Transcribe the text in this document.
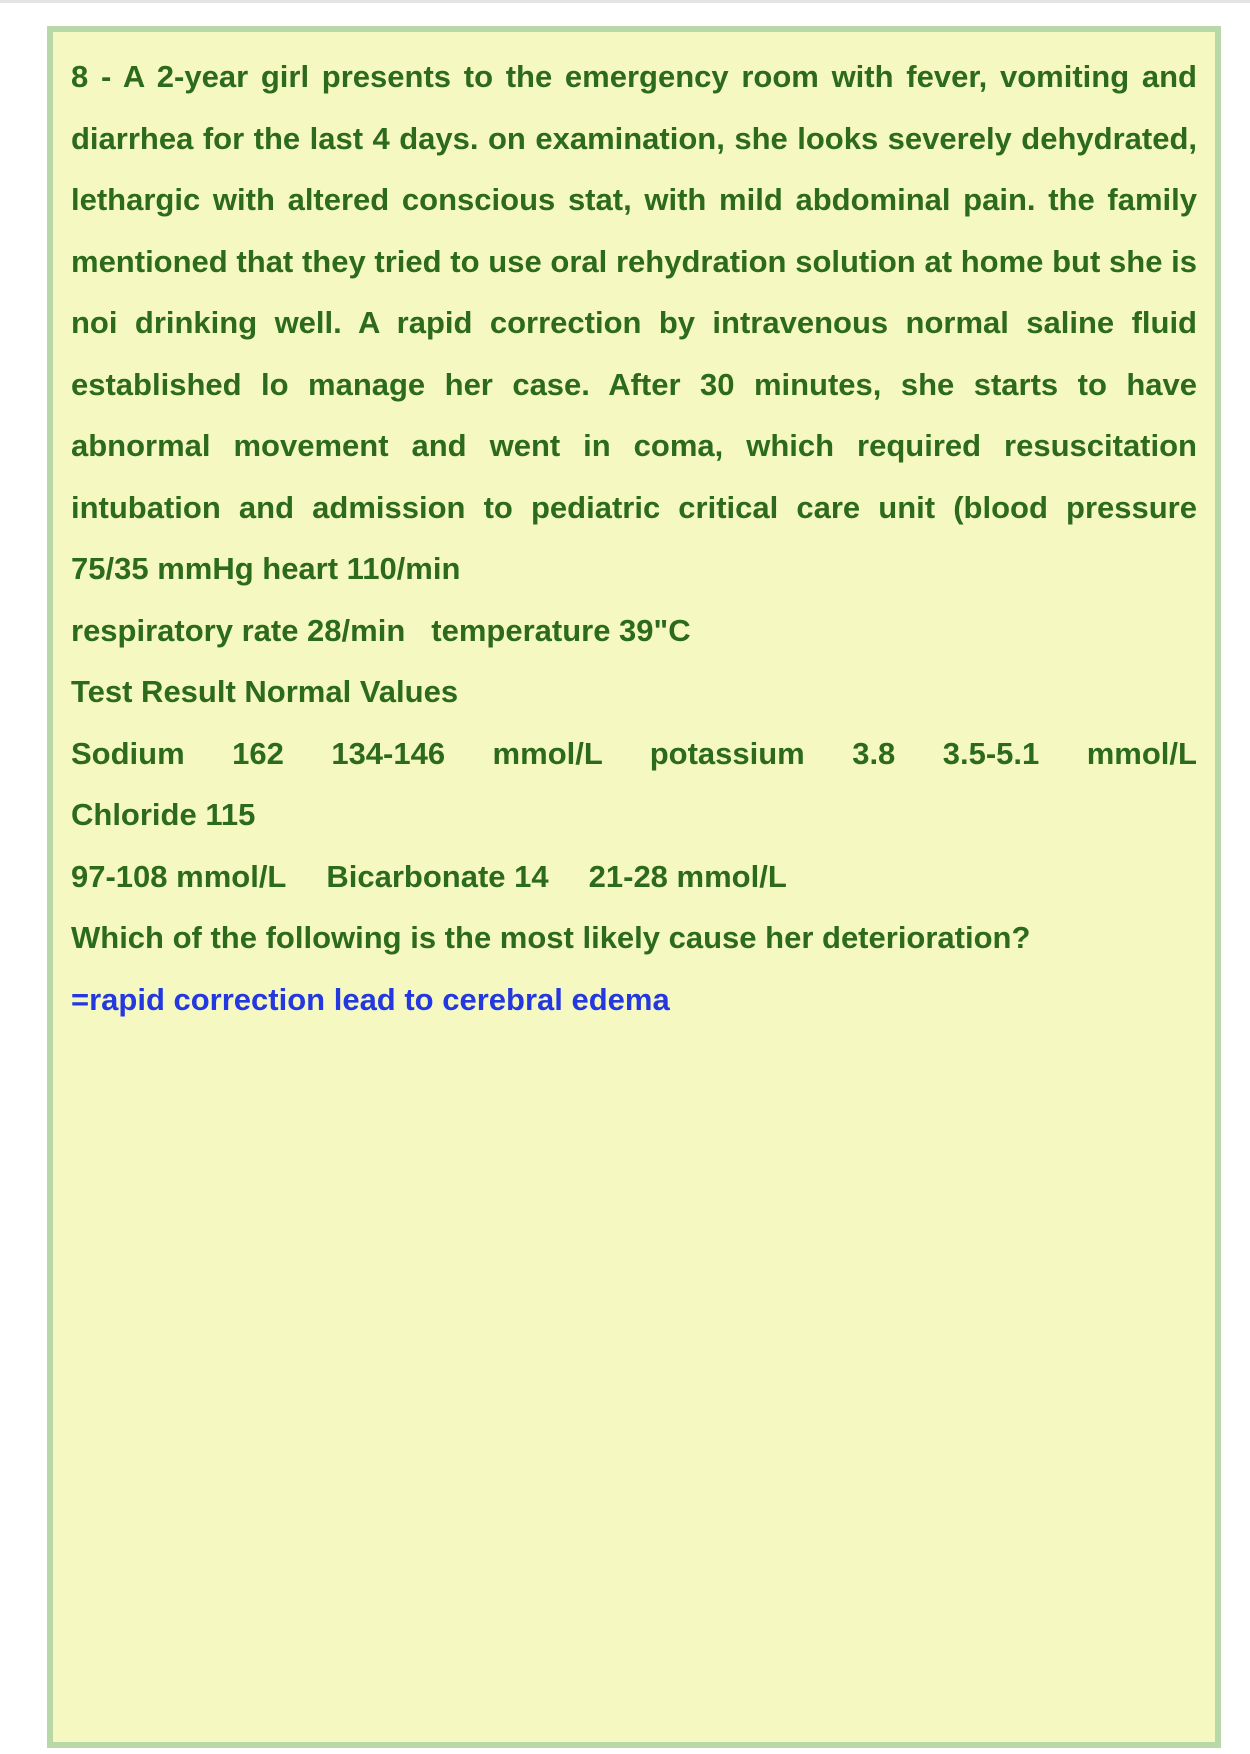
8 - A 2-year girl presents to the emergency room with fever, vomiting and diarrhea for the last 4 days. on examination, she looks severely dehydrated, lethargic with altered conscious stat, with mild abdominal pain. the family mentioned that they tried to use oral rehydration solution at home but she is noi drinking well. A rapid correction by intravenous normal saline fluid established lo manage her case. After 30 minutes, she starts to have abnormal movement and went in coma, which required resuscitation intubation and admission to pediatric critical care unit (blood pressure 75/35 mmHg heart 110/min

respiratory rate 28/min temperature 39"C

Test Result Normal Values

Sodium 162 134-146 mmol/L potassium 3.8 3.5-5.1 mmol/L

Chloride 115

97-108 mmol/L Bicarbonate 14 21-28 mmol/L

Which of the following is the most likely cause her deterioration?

=rapid correction lead to cerebral edema
